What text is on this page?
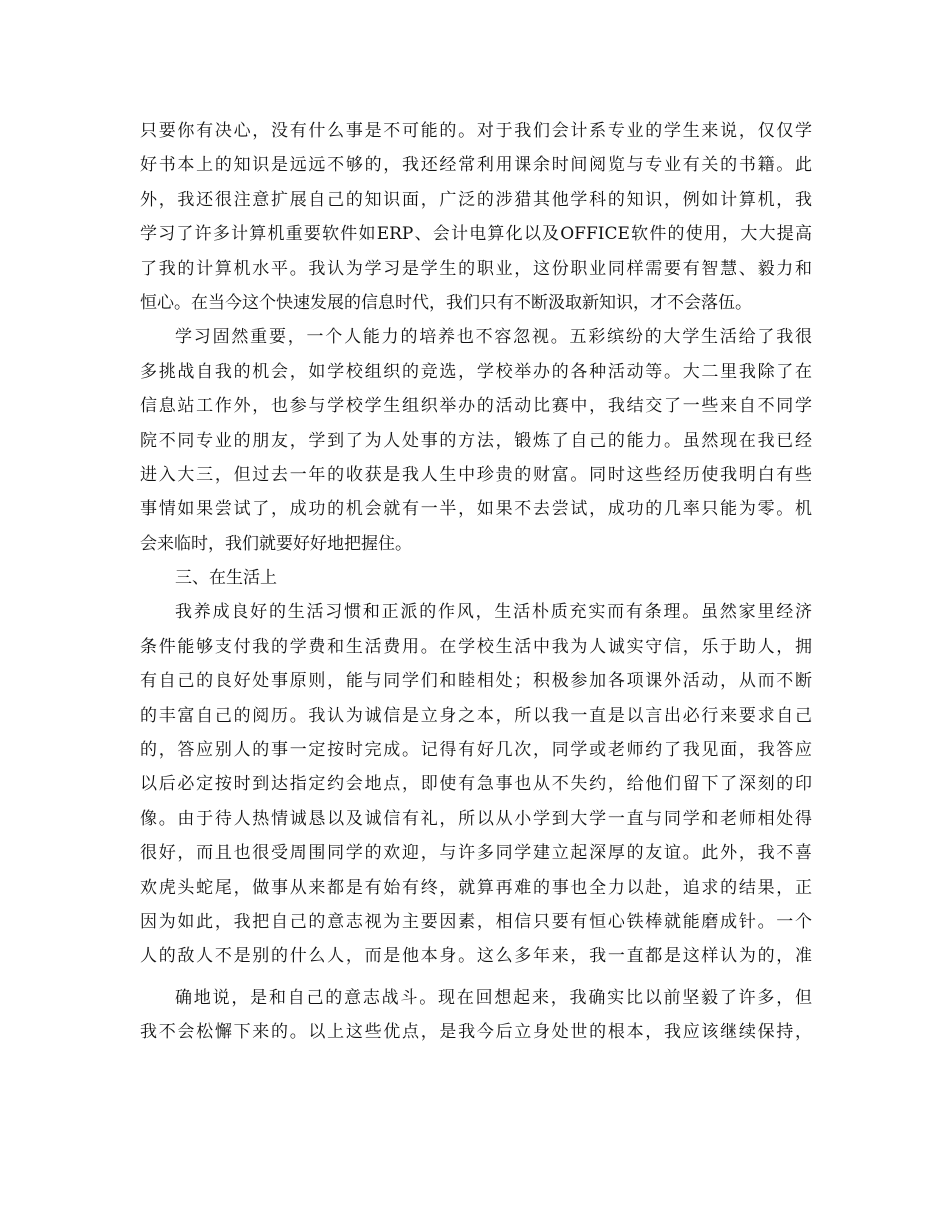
只要你有决心，没有什么事是不可能的。对于我们会计系专业的学生来说，仅仅学
好书本上的知识是远远不够的，我还经常利用课余时间阅览与专业有关的书籍。此
外，我还很注意扩展自己的知识面，广泛的涉猎其他学科的知识，例如计算机，我
学习了许多计算机重要软件如ERP、会计电算化以及OFFICE软件的使用，大大提高
了我的计算机水平。我认为学习是学生的职业，这份职业同样需要有智慧、毅力和
恒心。在当今这个快速发展的信息时代，我们只有不断汲取新知识，才不会落伍。
学习固然重要，一个人能力的培养也不容忽视。五彩缤纷的大学生活给了我很
多挑战自我的机会，如学校组织的竞选，学校举办的各种活动等。大二里我除了在
信息站工作外，也参与学校学生组织举办的活动比赛中，我结交了一些来自不同学
院不同专业的朋友，学到了为人处事的方法，锻炼了自己的能力。虽然现在我已经
进入大三，但过去一年的收获是我人生中珍贵的财富。同时这些经历使我明白有些
事情如果尝试了，成功的机会就有一半，如果不去尝试，成功的几率只能为零。机
会来临时，我们就要好好地把握住。
三、在生活上
我养成良好的生活习惯和正派的作风，生活朴质充实而有条理。虽然家里经济
条件能够支付我的学费和生活费用。在学校生活中我为人诚实守信，乐于助人，拥
有自己的良好处事原则，能与同学们和睦相处；积极参加各项课外活动，从而不断
的丰富自己的阅历。我认为诚信是立身之本，所以我一直是以言出必行来要求自己
的，答应别人的事一定按时完成。记得有好几次，同学或老师约了我见面，我答应
以后必定按时到达指定约会地点，即使有急事也从不失约，给他们留下了深刻的印
像。由于待人热情诚恳以及诚信有礼，所以从小学到大学一直与同学和老师相处得
很好，而且也很受周围同学的欢迎，与许多同学建立起深厚的友谊。此外，我不喜
欢虎头蛇尾，做事从来都是有始有终，就算再难的事也全力以赴，追求的结果，正
因为如此，我把自己的意志视为主要因素，相信只要有恒心铁棒就能磨成针。一个
人的敌人不是别的什么人，而是他本身。这么多年来，我一直都是这样认为的，准
确地说，是和自己的意志战斗。现在回想起来，我确实比以前坚毅了许多，但
我不会松懈下来的。以上这些优点，是我今后立身处世的根本，我应该继续保持，
